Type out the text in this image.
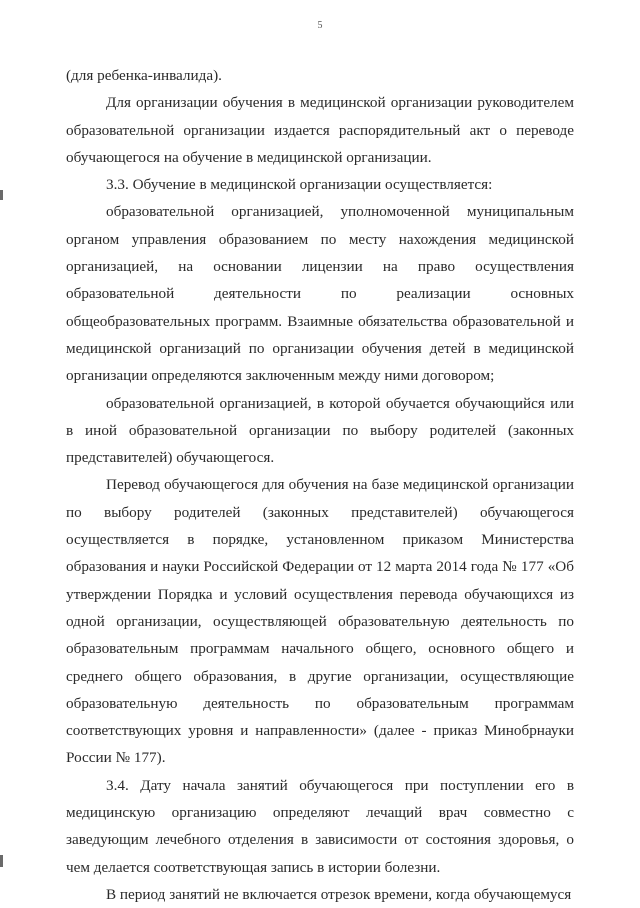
5

(для ребенка-инвалида).

Для организации обучения в медицинской организации руководителем образовательной организации издается распорядительный акт о переводе обучающегося на обучение в медицинской организации.

3.3. Обучение в медицинской организации осуществляется:

образовательной организацией, уполномоченной муниципальным органом управления образованием по месту нахождения медицинской организацией, на основании лицензии на право осуществления образовательной деятельности по реализации основных общеобразовательных программ. Взаимные обязательства образовательной и медицинской организаций по организации обучения детей в медицинской организации определяются заключенным между ними договором;

образовательной организацией, в которой обучается обучающийся или в иной образовательной организации по выбору родителей (законных представителей) обучающегося.

Перевод обучающегося для обучения на базе медицинской организации по выбору родителей (законных представителей) обучающегося осуществляется в порядке, установленном приказом Министерства образования и науки Российской Федерации от 12 марта 2014 года № 177 «Об утверждении Порядка и условий осуществления перевода обучающихся из одной организации, осуществляющей образовательную деятельность по образовательным программам начального общего, основного общего и среднего общего образования, в другие организации, осуществляющие образовательную деятельность по образовательным программам соответствующих уровня и направленности» (далее - приказ Минобрнауки России № 177).

3.4. Дату начала занятий обучающегося при поступлении его в медицинскую организацию определяют лечащий врач совместно с заведующим лечебного отделения в зависимости от состояния здоровья, о чем делается соответствующая запись в истории болезни.

В период занятий не включается отрезок времени, когда обучающемуся
